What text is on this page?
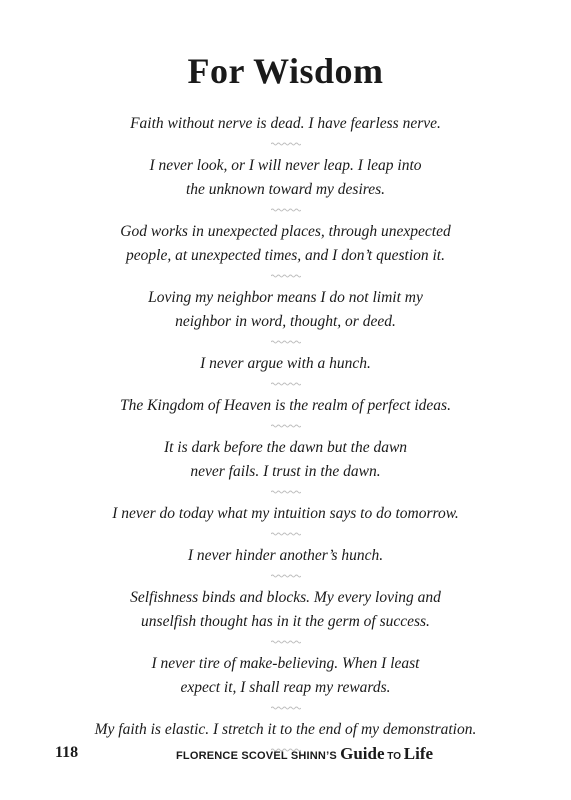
For Wisdom

Faith without nerve is dead. I have fearless nerve.

I never look, or I will never leap. I leap into
the unknown toward my desires.

God works in unexpected places, through unexpected
people, at unexpected times, and I don’t question it.

Loving my neighbor means I do not limit my
neighbor in word, thought, or deed.

I never argue with a hunch.

The Kingdom of Heaven is the realm of perfect ideas.

It is dark before the dawn but the dawn
never fails. I trust in the dawn.

I never do today what my intuition says to do tomorrow.

I never hinder another’s hunch.

Selfishness binds and blocks. My every loving and
unselfish thought has in it the germ of success.

I never tire of make-believing. When I least
expect it, I shall reap my rewards.

My faith is elastic. I stretch it to the end of my demonstration.

118	FLORENCE SCOVEL SHINN’S Guide TO Life
